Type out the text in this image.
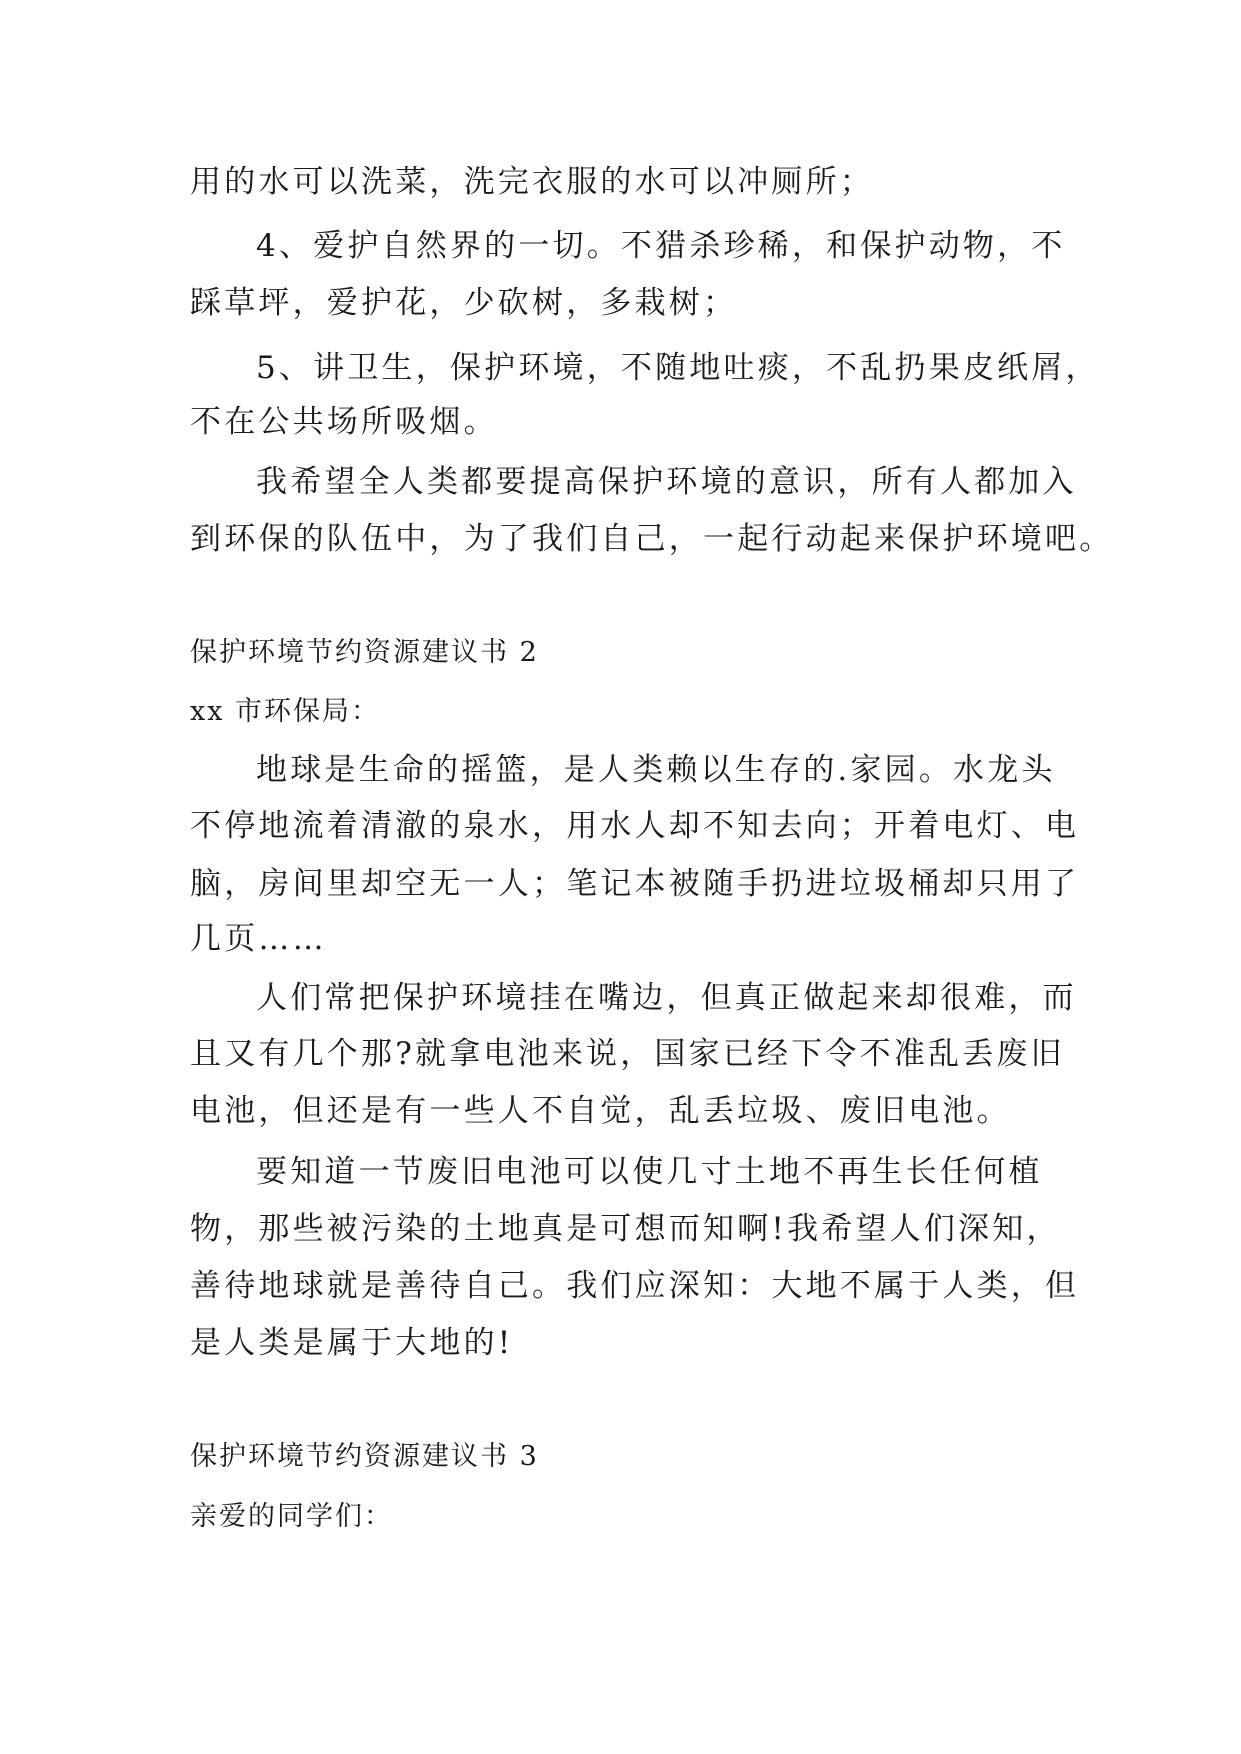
用的水可以洗菜，洗完衣服的水可以冲厕所；

4、爱护自然界的一切。不猎杀珍稀，和保护动物，不

踩草坪，爱护花，少砍树，多栽树；

5、讲卫生，保护环境，不随地吐痰，不乱扔果皮纸屑，

不在公共场所吸烟。

我希望全人类都要提高保护环境的意识，所有人都加入

到环保的队伍中，为了我们自己，一起行动起来保护环境吧。

保护环境节约资源建议书 2

xx 市环保局：

地球是生命的摇篮，是人类赖以生存的.家园。水龙头

不停地流着清澈的泉水，用水人却不知去向；开着电灯、电

脑，房间里却空无一人；笔记本被随手扔进垃圾桶却只用了

几页……

人们常把保护环境挂在嘴边，但真正做起来却很难，而

且又有几个那?就拿电池来说，国家已经下令不准乱丢废旧

电池，但还是有一些人不自觉，乱丢垃圾、废旧电池。

要知道一节废旧电池可以使几寸土地不再生长任何植

物，那些被污染的土地真是可想而知啊!我希望人们深知，

善待地球就是善待自己。我们应深知：大地不属于人类，但

是人类是属于大地的!

保护环境节约资源建议书 3

亲爱的同学们：
